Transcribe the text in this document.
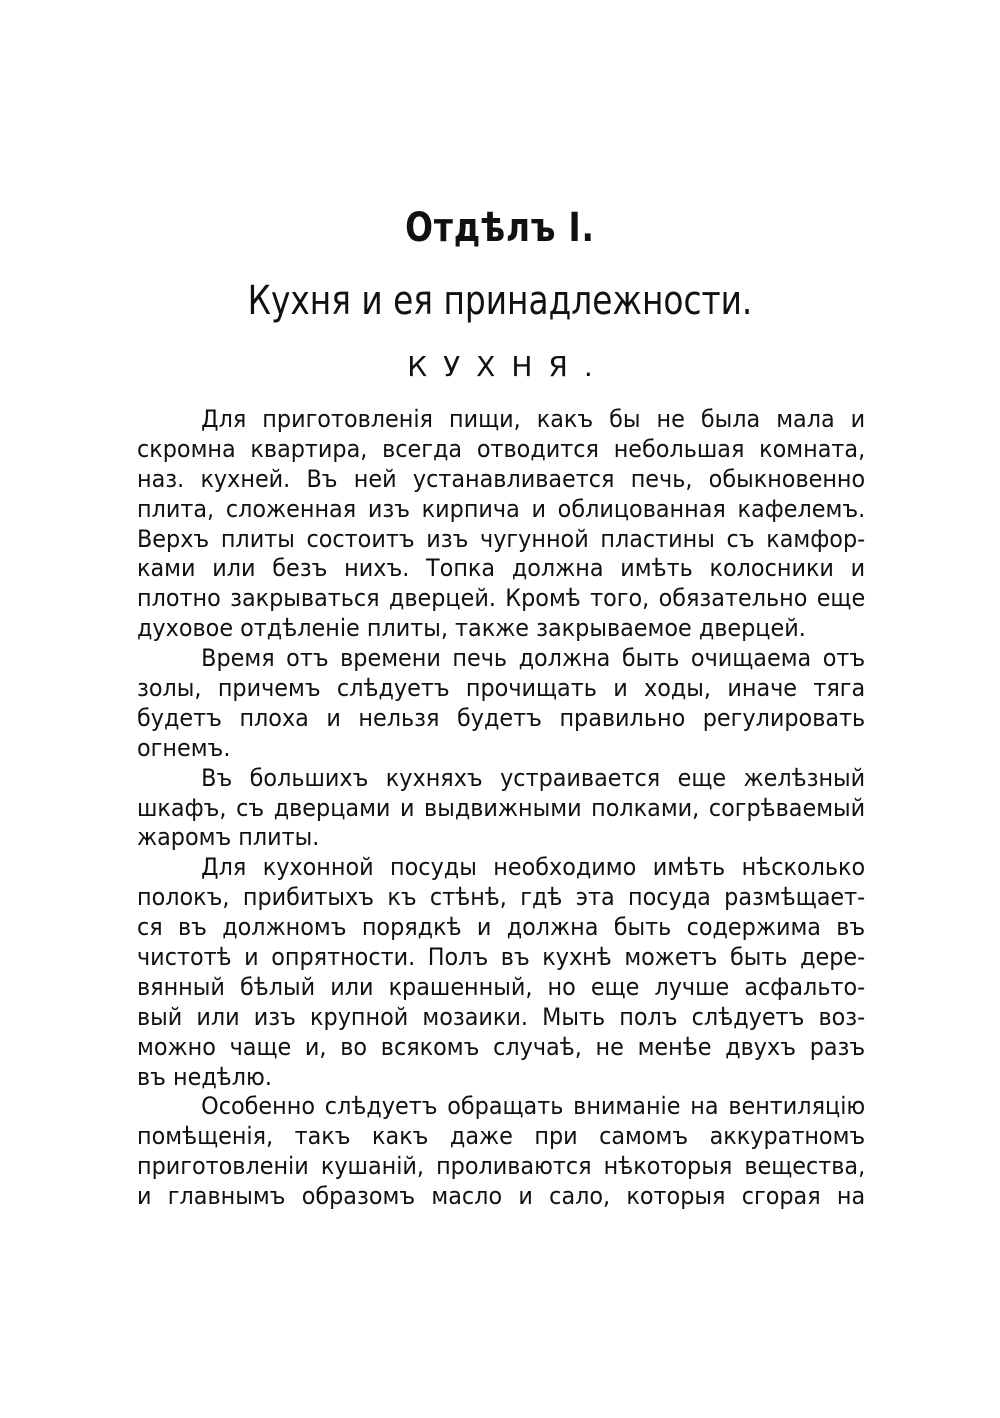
Отдѣлъ I.
Кухня и ея принадлежности.
КУХНЯ.
Для приготовленія пищи, какъ бы не была мала и
скромна квартира, всегда отводится небольшая комната,
наз. кухней. Въ ней устанавливается печь, обыкновенно
плита, сложенная изъ кирпича и облицованная кафелемъ.
Верхъ плиты состоитъ изъ чугунной пластины съ камфор-
ками или безъ нихъ. Топка должна имѣть колосники и
плотно закрываться дверцей. Кромѣ того, обязательно еще
духовое отдѣленіе плиты, также закрываемое дверцей.
Время отъ времени печь должна быть очищаема отъ
золы, причемъ слѣдуетъ прочищать и ходы, иначе тяга
будетъ плоха и нельзя будетъ правильно регулировать
огнемъ.
Въ большихъ кухняхъ устраивается еще желѣзный
шкафъ, съ дверцами и выдвижными полками, согрѣваемый
жаромъ плиты.
Для кухонной посуды необходимо имѣть нѣсколько
полокъ, прибитыхъ къ стѣнѣ, гдѣ эта посуда размѣщает-
ся въ должномъ порядкѣ и должна быть содержима въ
чистотѣ и опрятности. Полъ въ кухнѣ можетъ быть дере-
вянный бѣлый или крашенный, но еще лучше асфальто-
вый или изъ крупной мозаики. Мыть полъ слѣдуетъ воз-
можно чаще и, во всякомъ случаѣ, не менѣе двухъ разъ
въ недѣлю.
Особенно слѣдуетъ обращать вниманіе на вентиляцію
помѣщенія, такъ какъ даже при самомъ аккуратномъ
приготовленіи кушаній, проливаются нѣкоторыя вещества,
и главнымъ образомъ масло и сало, которыя сгорая на
